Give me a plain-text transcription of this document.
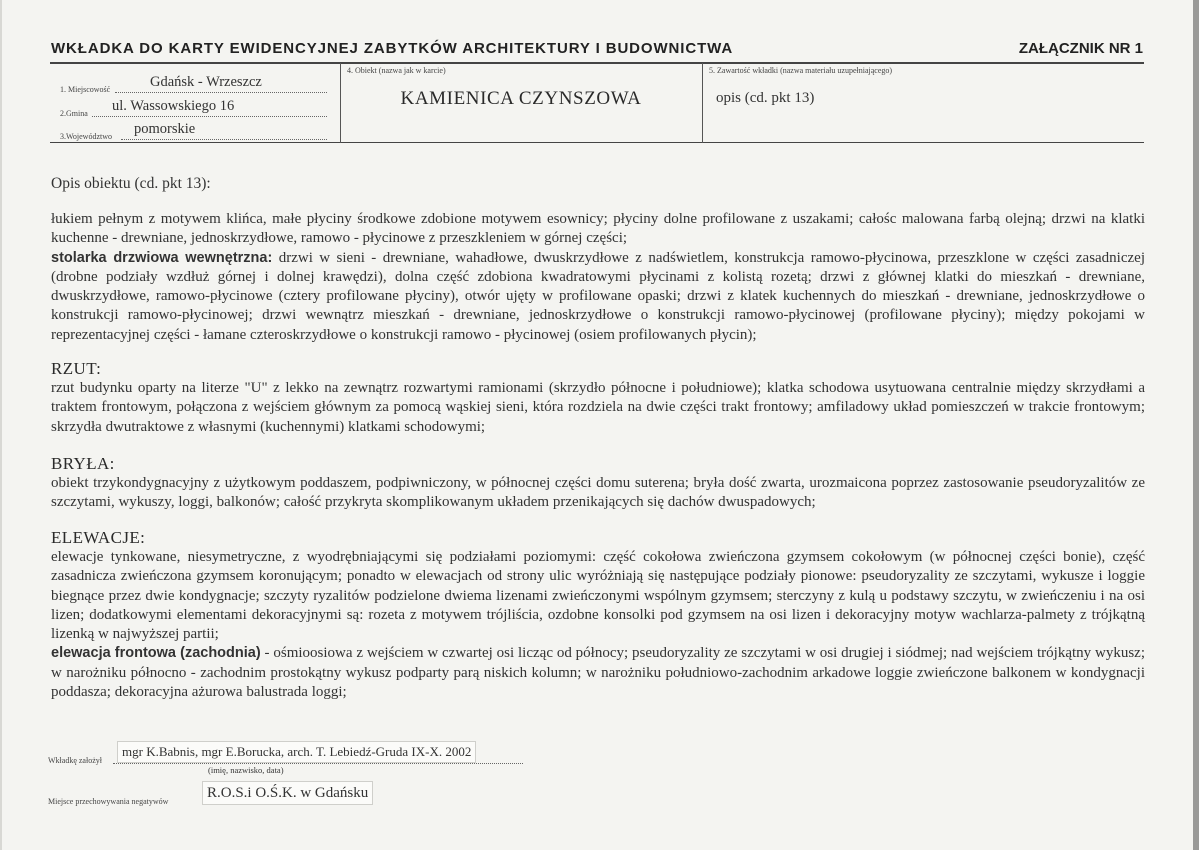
WKŁADKA DO KARTY EWIDENCYJNEJ ZABYTKÓW ARCHITEKTURY I BUDOWNICTWA	ZAŁĄCZNIK NR 1
1. Miejscowość	Gdańsk - Wrzeszcz
2.Gmina ul. Wassowskiego 16
3.Województwo pomorskie
4. Obiekt (nazwa jak w karcie)
KAMIENICA CZYNSZOWA
5. Zawartość wkładki (nazwa materiału uzupełniającego)
opis (cd. pkt 13)
Opis obiektu (cd. pkt 13):
łukiem pełnym z motywem klińca, małe płyciny środkowe zdobione motywem esownicy; płyciny dolne profilowane z uszakami; całośc malowana farbą olejną; drzwi na klatki kuchenne - drewniane, jednoskrzydłowe, ramowo - płycinowe z przeszkleniem w górnej części;
stolarka drzwiowa wewnętrzna: drzwi w sieni - drewniane, wahadłowe, dwuskrzydłowe z nadświetlem, konstrukcja ramowo-płycinowa, przeszklone w części zasadniczej (drobne podziały wzdłuż górnej i dolnej krawędzi), dolna część zdobiona kwadratowymi płycinami z kolistą rozetą; drzwi z głównej klatki do mieszkań - drewniane, dwuskrzydłowe, ramowo-płycinowe (cztery profilowane płyciny), otwór ujęty w profilowane opaski; drzwi z klatek kuchennych do mieszkań - drewniane, jednoskrzydłowe o konstrukcji ramowo-płycinowej; drzwi wewnątrz mieszkań - drewniane, jednoskrzydłowe o konstrukcji ramowo-płycinowej (profilowane płyciny); między pokojami w reprezentacyjnej części - łamane czteroskrzydłowe o konstrukcji ramowo - płycinowej (osiem profilowanych płycin);
RZUT:
rzut budynku oparty na literze "U" z lekko na zewnątrz rozwartymi ramionami (skrzydło północne i południowe); klatka schodowa usytuowana centralnie między skrzydłami a traktem frontowym, połączona z wejściem głównym za pomocą wąskiej sieni, która rozdziela na dwie części trakt frontowy; amfiladowy układ pomieszczeń w trakcie frontowym; skrzydła dwutraktowe z własnymi (kuchennymi) klatkami schodowymi;
BRYŁA:
obiekt trzykondygnacyjny z użytkowym poddaszem, podpiwniczony, w północnej części domu suterena; bryła dość zwarta, urozmaicona poprzez zastosowanie pseudoryzalitów ze szczytami, wykuszy, loggi, balkonów; całość przykryta skomplikowanym układem przenikających się dachów dwuspadowych;
ELEWACJE:
elewacje tynkowane, niesymetryczne, z wyodrębniającymi się podziałami poziomymi: część cokołowa zwieńczona gzymsem cokołowym (w północnej części bonie), część zasadnicza zwieńczona gzymsem koronującym; ponadto w elewacjach od strony ulic wyróżniają się następujące podziały pionowe: pseudoryzality ze szczytami, wykusze i loggie biegnące przez dwie kondygnacje; szczyty ryzalitów podzielone dwiema lizenami zwieńczonymi wspólnym gzymsem; sterczyny z kulą u podstawy szczytu, w zwieńczeniu i na osi lizen; dodatkowymi elementami dekoracyjnymi są: rozeta z motywem trójliścia, ozdobne konsolki pod gzymsem na osi lizen i dekoracyjny motyw wachlarza-palmety z trójkątną lizenką w najwyższej partii;
elewacja frontowa (zachodnia) - ośmioosiowa z wejściem w czwartej osi licząc od północy; pseudoryzality ze szczytami w osi drugiej i siódmej; nad wejściem trójkątny wykusz; w narożniku północno - zachodnim prostokątny wykusz podparty parą niskich kolumn; w narożniku południowo-zachodnim arkadowe loggie zwieńczone balkonem w kondygnacji poddasza; dekoracyjna ażurowa balustrada loggi;
Wkładkę założył
mgr K.Babnis, mgr E.Borucka, arch. T. Lebiedź-Gruda IX-X. 2002
(imię, nazwisko, data)
Miejsce przechowywania negatywów
R.O.S.i O.Ś.K. w Gdańsku
